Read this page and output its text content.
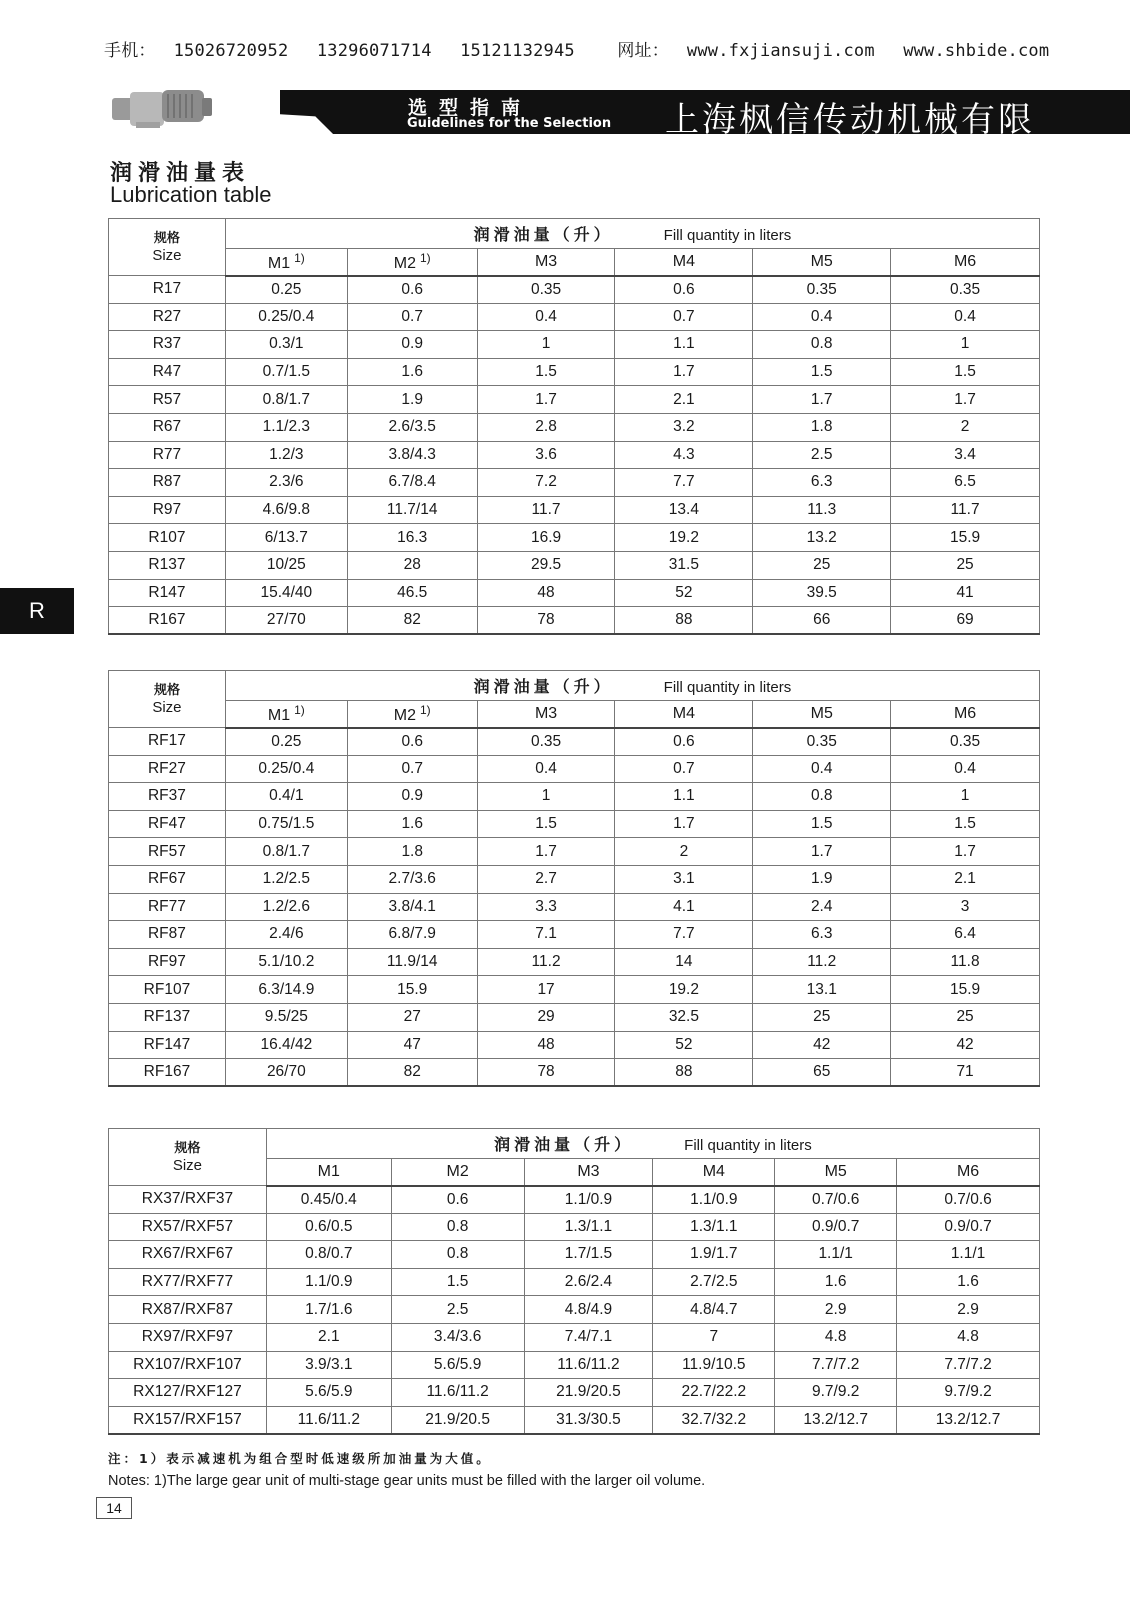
手机： 15026720952 13296071714 15121132945 网址： www.fxjiansuji.com www.shbide.com
选型指南
Guidelines for the Selection 上海枫信传动机械有限公司
润滑油量表
Lubrication table
R
规格
Size	润滑油量（升） Fill quantity in liters					
	M1 $^{1)}$	M2 $^{1)}$	M3	M4	M5	M6
R17	0.25	0.6	0.35	0.6	0.35	0.35
R27	0.25/0.4	0.7	0.4	0.7	0.4	0.4
R37	0.3/1	0.9	1	1.1	0.8	1
R47	0.7/1.5	1.6	1.5	1.7	1.5	1.5
R57	0.8/1.7	1.9	1.7	2.1	1.7	1.7
R67	1.1/2.3	2.6/3.5	2.8	3.2	1.8	2
R77	1.2/3	3.8/4.3	3.6	4.3	2.5	3.4
R87	2.3/6	6.7/8.4	7.2	7.7	6.3	6.5
R97	4.6/9.8	11.7/14	11.7	13.4	11.3	11.7
R107	6/13.7	16.3	16.9	19.2	13.2	15.9
R137	10/25	28	29.5	31.5	25	25
R147	15.4/40	46.5	48	52	39.5	41
R167	27/70	82	78	88	66	69
规格
Size	润滑油量（升） Fill quantity in liters					
	M1 $^{1)}$	M2 $^{1)}$	M3	M4	M5	M6
RF17	0.25	0.6	0.35	0.6	0.35	0.35
RF27	0.25/0.4	0.7	0.4	0.7	0.4	0.4
RF37	0.4/1	0.9	1	1.1	0.8	1
RF47	0.75/1.5	1.6	1.5	1.7	1.5	1.5
RF57	0.8/1.7	1.8	1.7	2	1.7	1.7
RF67	1.2/2.5	2.7/3.6	2.7	3.1	1.9	2.1
RF77	1.2/2.6	3.8/4.1	3.3	4.1	2.4	3
RF87	2.4/6	6.8/7.9	7.1	7.7	6.3	6.4
RF97	5.1/10.2	11.9/14	11.2	14	11.2	11.8
RF107	6.3/14.9	15.9	17	19.2	13.1	15.9
RF137	9.5/25	27	29	32.5	25	25
RF147	16.4/42	47	48	52	42	42
RF167	26/70	82	78	88	65	71
规格
Size	润滑油量（升） Fill quantity in liters					
	M1	M2	M3	M4	M5	M6
RX37/RXF37	0.45/0.4	0.6	1.1/0.9	1.1/0.9	0.7/0.6	0.7/0.6
RX57/RXF57	0.6/0.5	0.8	1.3/1.1	1.3/1.1	0.9/0.7	0.9/0.7
RX67/RXF67	0.8/0.7	0.8	1.7/1.5	1.9/1.7	1.1/1	1.1/1
RX77/RXF77	1.1/0.9	1.5	2.6/2.4	2.7/2.5	1.6	1.6
RX87/RXF87	1.7/1.6	2.5	4.8/4.9	4.8/4.7	2.9	2.9
RX97/RXF97	2.1	3.4/3.6	7.4/7.1	7	4.8	4.8
RX107/RXF107	3.9/3.1	5.6/5.9	11.6/11.2	11.9/10.5	7.7/7.2	7.7/7.2
RX127/RXF127	5.6/5.9	11.6/11.2	21.9/20.5	22.7/22.2	9.7/9.2	9.7/9.2
RX157/RXF157	11.6/11.2	21.9/20.5	31.3/30.5	32.7/32.2	13.2/12.7	13.2/12.7
注：1）表示减速机为组合型时低速级所加油量为大值。
Notes: 1)The large gear unit of multi-stage gear units must be filled with the larger oil volume.
14
